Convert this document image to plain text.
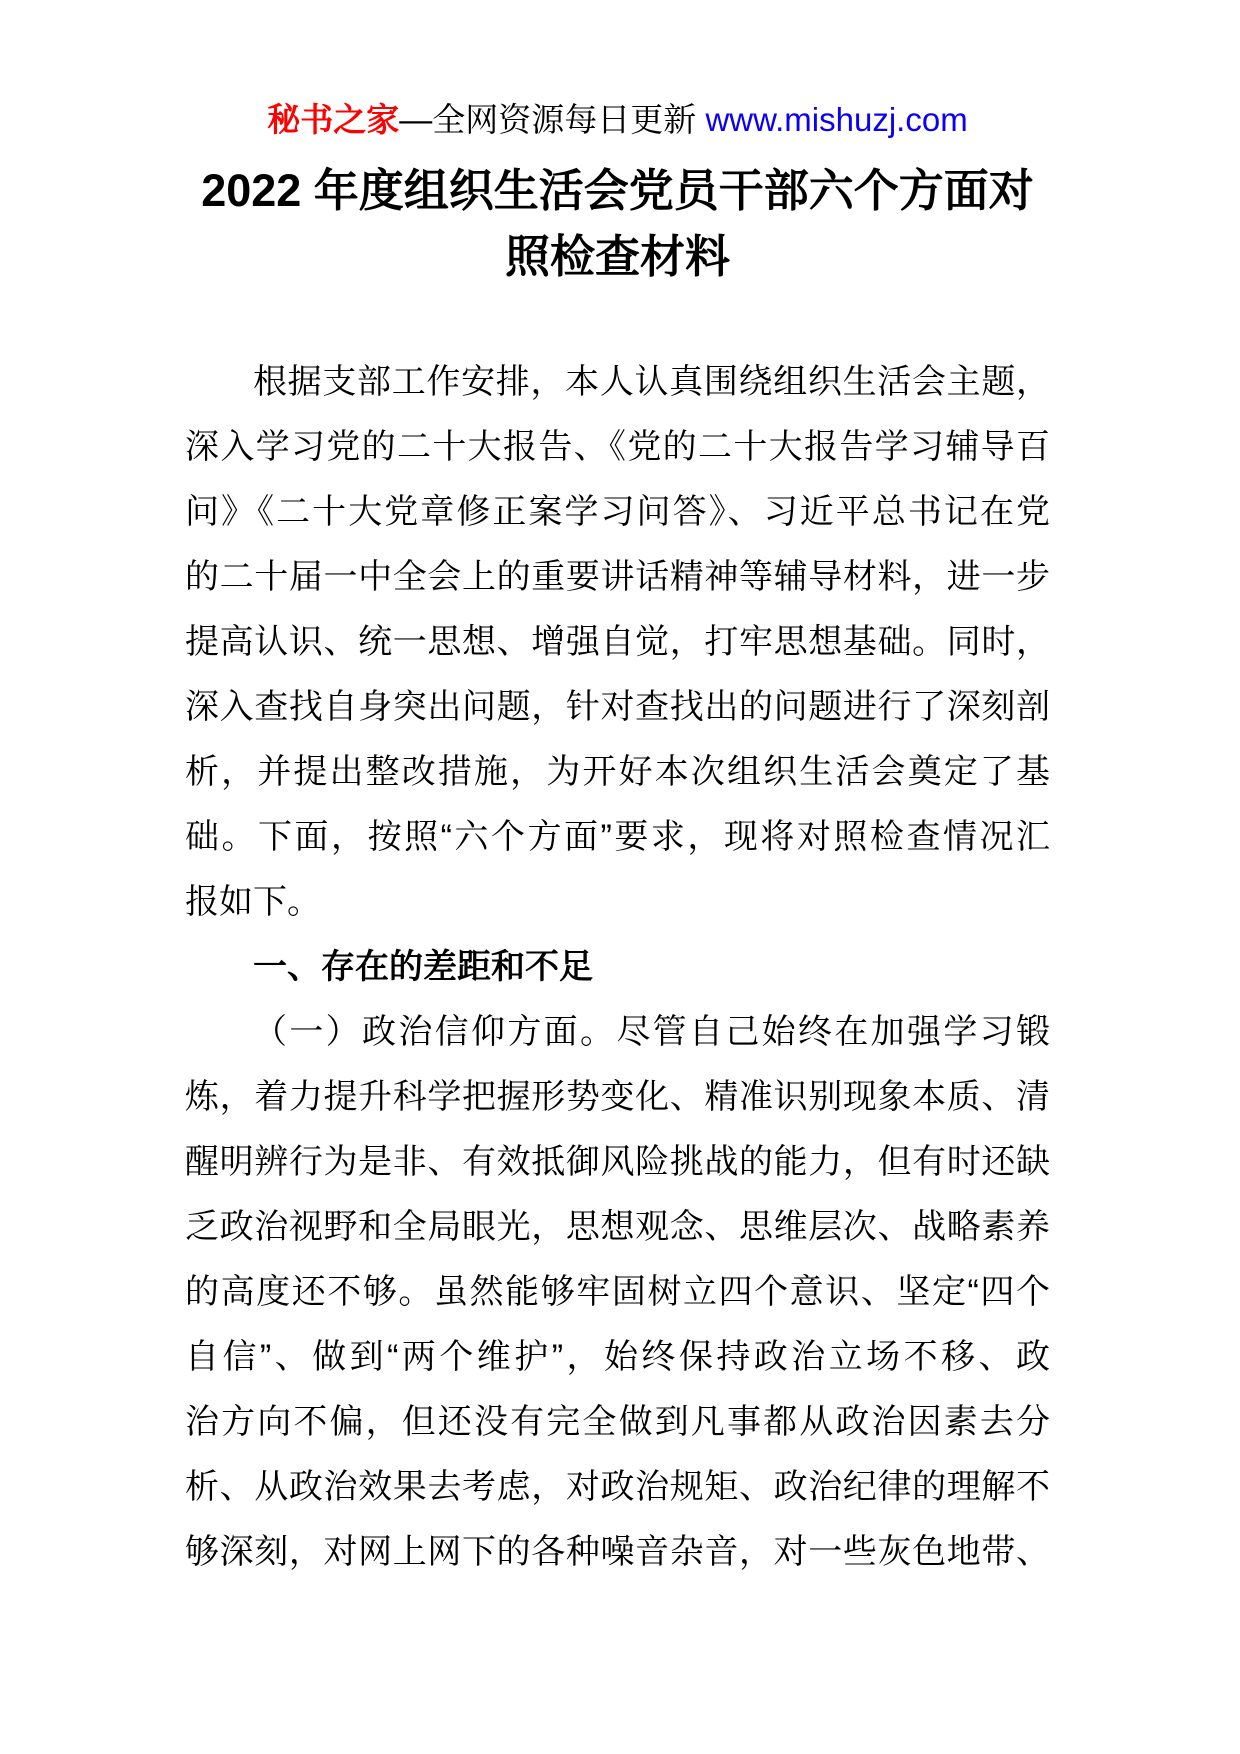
秘书之家—全网资源每日更新 www.mishuzj.com
2022 年度组织生活会党员干部六个方面对照检查材料
根据支部工作安排，本人认真围绕组织生活会主题，
深入学习党的二十大报告、《党的二十大报告学习辅导百
问》《二十大党章修正案学习问答》、习近平总书记在党
的二十届一中全会上的重要讲话精神等辅导材料，进一步
提高认识、统一思想、增强自觉，打牢思想基础。同时，
深入查找自身突出问题，针对查找出的问题进行了深刻剖
析，并提出整改措施，为开好本次组织生活会奠定了基
础。下面，按照“六个方面”要求，现将对照检查情况汇
报如下。
一、存在的差距和不足
（一）政治信仰方面。尽管自己始终在加强学习锻
炼，着力提升科学把握形势变化、精准识别现象本质、清
醒明辨行为是非、有效抵御风险挑战的能力，但有时还缺
乏政治视野和全局眼光，思想观念、思维层次、战略素养
的高度还不够。虽然能够牢固树立四个意识、坚定“四个
自信”、做到“两个维护”，始终保持政治立场不移、政
治方向不偏，但还没有完全做到凡事都从政治因素去分
析、从政治效果去考虑，对政治规矩、政治纪律的理解不
够深刻，对网上网下的各种噪音杂音，对一些灰色地带、
